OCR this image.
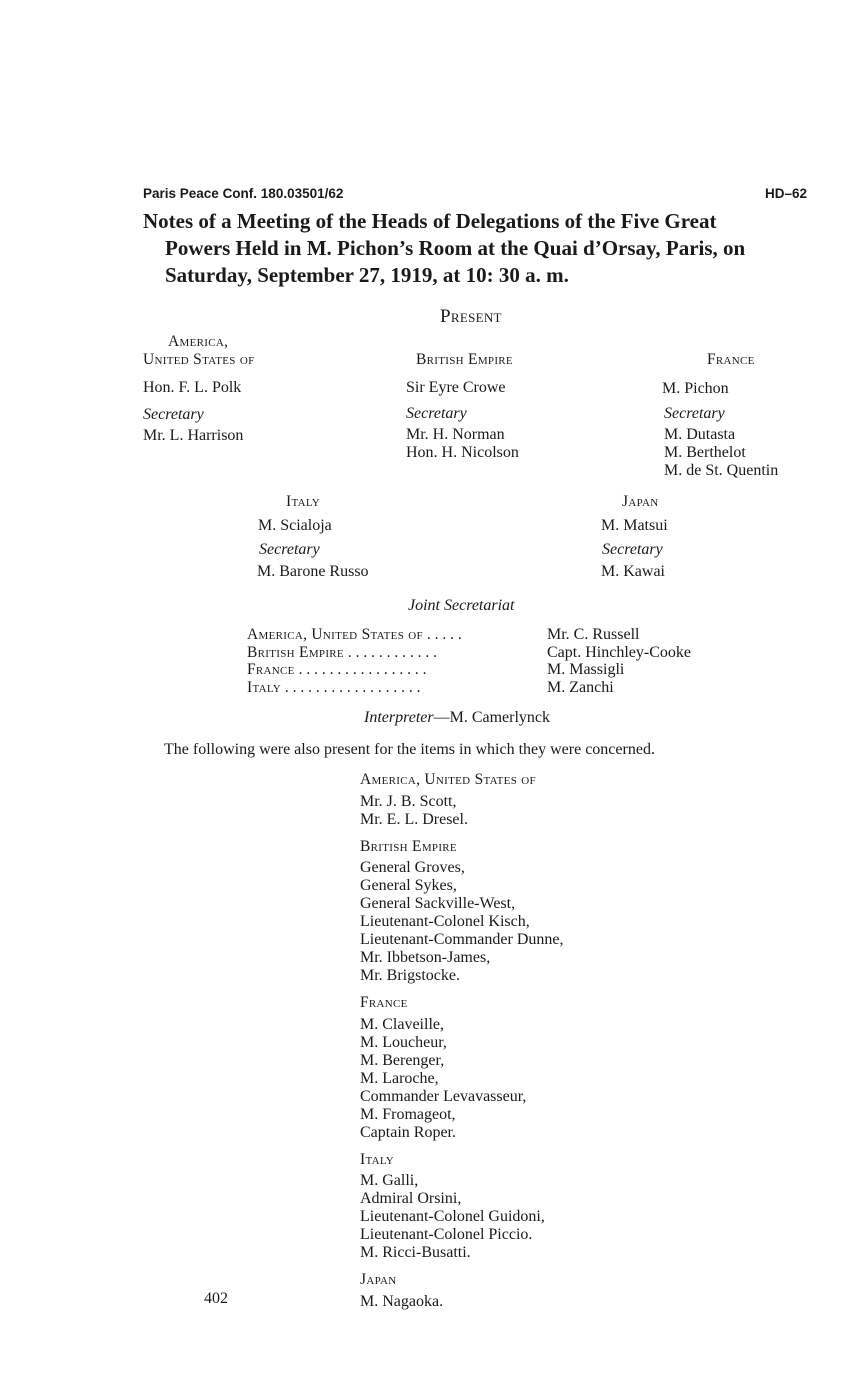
Paris Peace Conf. 180.03501/62	HD–62
Notes of a Meeting of the Heads of Delegations of the Five Great
Powers Held in M. Pichon’s Room at the Quai d’Orsay, Paris, on
Saturday, September 27, 1919, at 10: 30 a. m.
Present
America,
United States of
Hon. F. L. Polk
Secretary
Mr. L. Harrison
British Empire
Sir Eyre Crowe
Secretary
Mr. H. Norman
Hon. H. Nicolson
France
M. Pichon
Secretary
M. Dutasta
M. Berthelot
M. de St. Quentin
Italy
M. Scialoja
Secretary
M. Barone Russo
Japan
M. Matsui
Secretary
M. Kawai
Joint Secretariat
America, United States of . . . . .	Mr. C. Russell
British Empire . . . . . . . . . . . .	Capt. Hinchley-Cooke
France . . . . . . . . . . . . . . . . .	M. Massigli
Italy . . . . . . . . . . . . . . . . . .	M. Zanchi
Interpreter—M. Camerlynck
The following were also present for the items in which they were concerned.
America, United States of
Mr. J. B. Scott,
Mr. E. L. Dresel.
British Empire
General Groves,
General Sykes,
General Sackville-West,
Lieutenant-Colonel Kisch,
Lieutenant-Commander Dunne,
Mr. Ibbetson-James,
Mr. Brigstocke.
France
M. Claveille,
M. Loucheur,
M. Berenger,
M. Laroche,
Commander Levavasseur,
M. Fromageot,
Captain Roper.
Italy
M. Galli,
Admiral Orsini,
Lieutenant-Colonel Guidoni,
Lieutenant-Colonel Piccio.
M. Ricci-Busatti.
Japan
M. Nagaoka.
402
